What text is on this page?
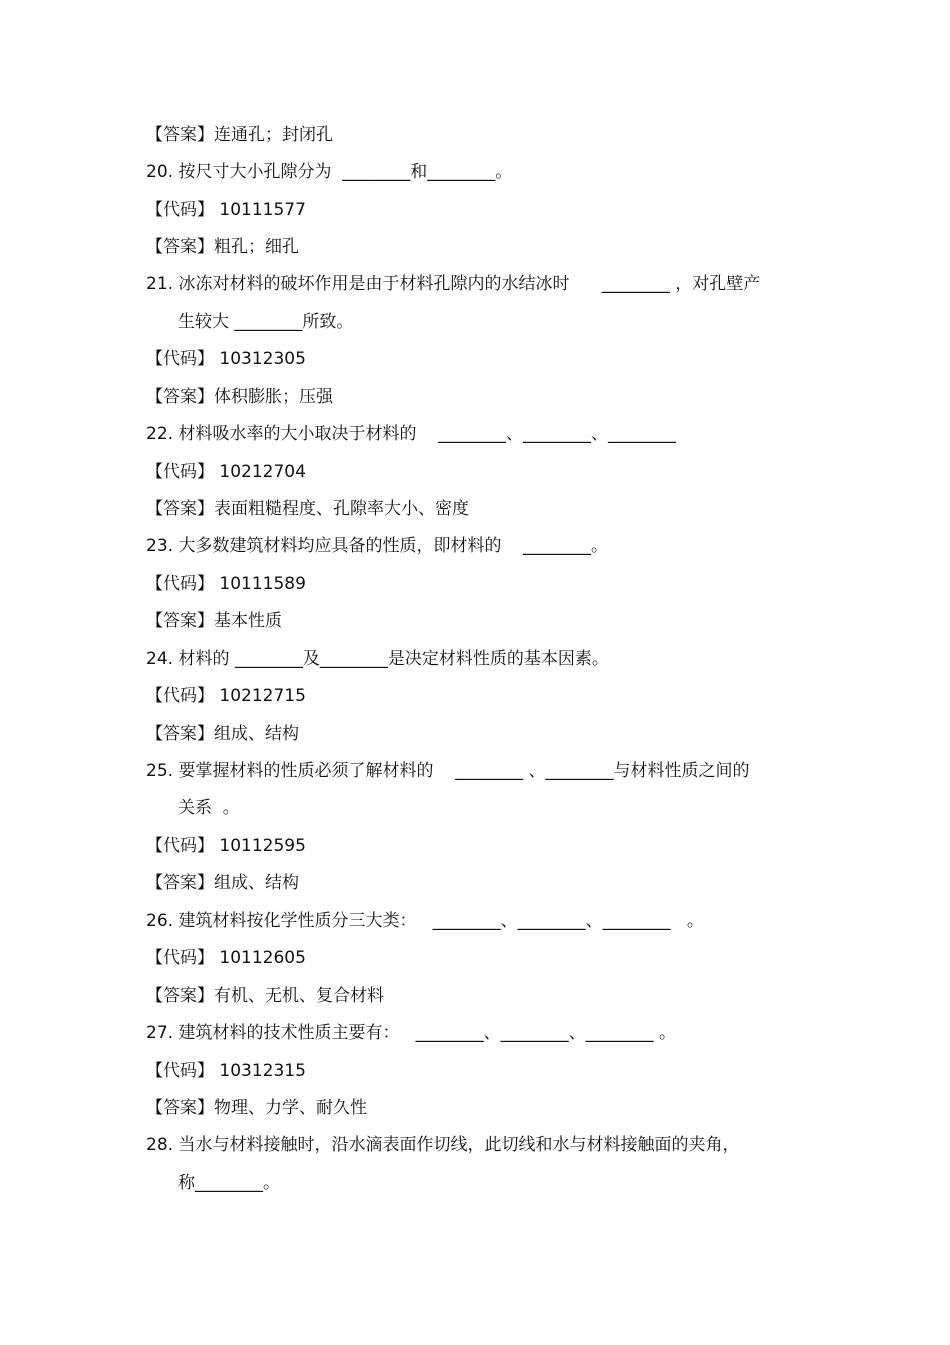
【答案】连通孔；封闭孔
20. 按尺寸大小孔隙分为  ________和________。
【代码】 10111577
【答案】粗孔；细孔
21. 冰冻对材料的破坏作用是由于材料孔隙内的水结冰时      ________ ，对孔壁产
生较大 ________所致。
【代码】 10312305
【答案】体积膨胀；压强
22. 材料吸水率的大小取决于材料的    ________、________、________
【代码】 10212704
【答案】表面粗糙程度、孔隙率大小、密度
23. 大多数建筑材料均应具备的性质，即材料的    ________。
【代码】 10111589
【答案】基本性质
24. 材料的 ________及________是决定材料性质的基本因素。
【代码】 10212715
【答案】组成、结构
25. 要掌握材料的性质必须了解材料的    ________ 、________与材料性质之间的
关系  。
【代码】 10112595
【答案】组成、结构
26. 建筑材料按化学性质分三大类：   ________、________、________   。
【代码】 10112605
【答案】有机、无机、复合材料
27. 建筑材料的技术性质主要有：   ________、________、________ 。
【代码】 10312315
【答案】物理、力学、耐久性
28. 当水与材料接触时，沿水滴表面作切线，此切线和水与材料接触面的夹角，
称________。
